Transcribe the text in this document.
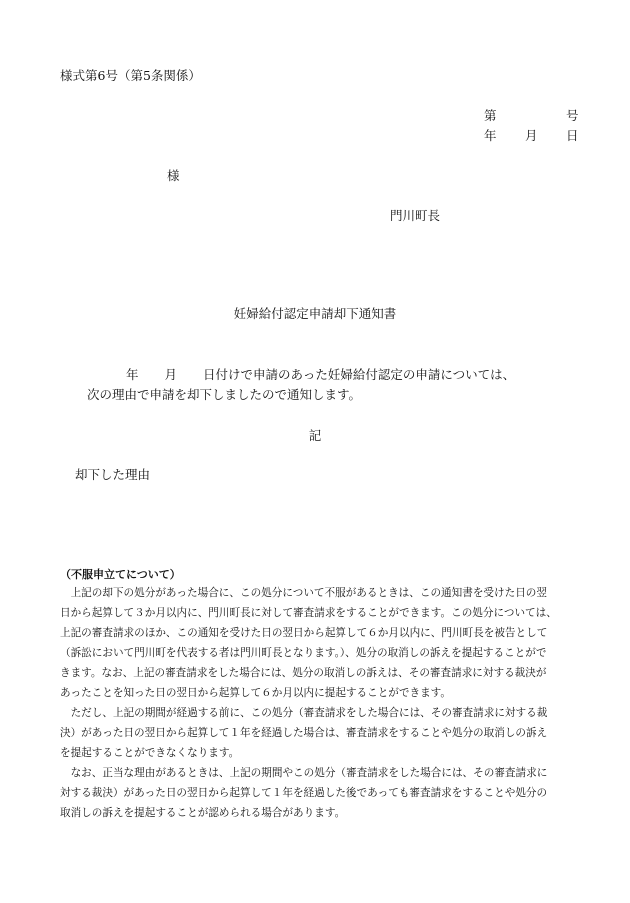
様式第6号（第5条関係）
第	号
年 月 日
様
門川町長
妊婦給付認定申請却下通知書
年 月 日付けで申請のあった妊婦給付認定の申請については、
次の理由で申請を却下しましたので通知します。
記
却下した理由
（不服申立てについて）
　上記の却下の処分があった場合に、この処分について不服があるときは、この通知書を受けた日の翌
日から起算して３か月以内に、門川町長に対して審査請求をすることができます。この処分については、
上記の審査請求のほか、この通知を受けた日の翌日から起算して６か月以内に、門川町長を被告として
（訴訟において門川町を代表する者は門川町長となります。）、処分の取消しの訴えを提起することがで
きます。なお、上記の審査請求をした場合には、処分の取消しの訴えは、その審査請求に対する裁決が
あったことを知った日の翌日から起算して６か月以内に提起することができます。
　ただし、上記の期間が経過する前に、この処分（審査請求をした場合には、その審査請求に対する裁
決）があった日の翌日から起算して１年を経過した場合は、審査請求をすることや処分の取消しの訴え
を提起することができなくなります。
　なお、正当な理由があるときは、上記の期間やこの処分（審査請求をした場合には、その審査請求に
対する裁決）があった日の翌日から起算して１年を経過した後であっても審査請求をすることや処分の
取消しの訴えを提起することが認められる場合があります。
